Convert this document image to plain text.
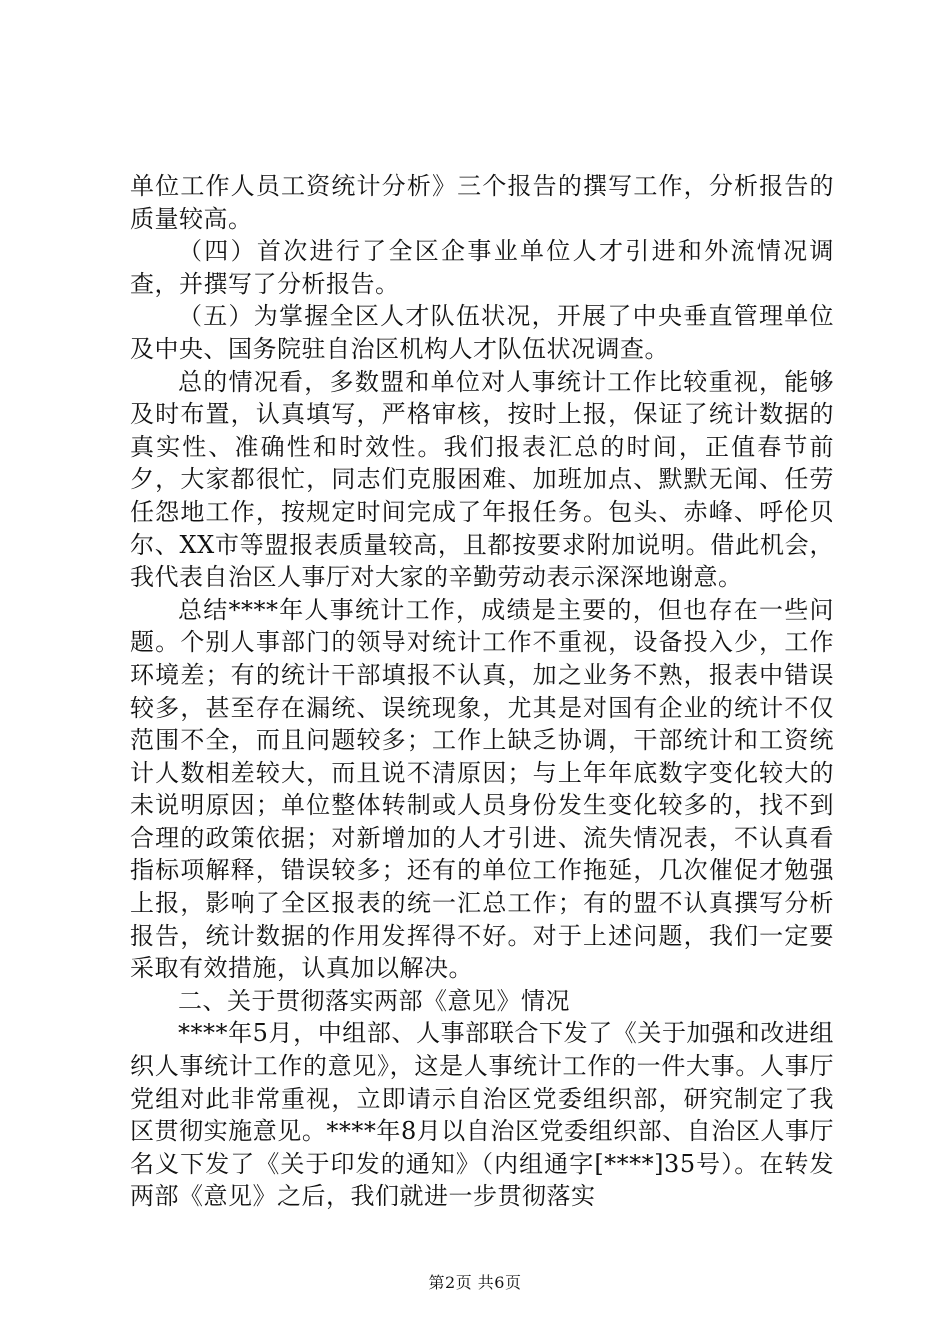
单位工作人员工资统计分析》三个报告的撰写工作，分析报告的质量较高。

（四）首次进行了全区企事业单位人才引进和外流情况调查，并撰写了分析报告。

（五）为掌握全区人才队伍状况，开展了中央垂直管理单位及中央、国务院驻自治区机构人才队伍状况调查。

总的情况看，多数盟和单位对人事统计工作比较重视，能够及时布置，认真填写，严格审核，按时上报，保证了统计数据的真实性、准确性和时效性。我们报表汇总的时间，正值春节前夕，大家都很忙，同志们克服困难、加班加点、默默无闻、任劳任怨地工作，按规定时间完成了年报任务。包头、赤峰、呼伦贝尔、XX市等盟报表质量较高，且都按要求附加说明。借此机会，我代表自治区人事厅对大家的辛勤劳动表示深深地谢意。

总结****年人事统计工作，成绩是主要的，但也存在一些问题。个别人事部门的领导对统计工作不重视，设备投入少，工作环境差；有的统计干部填报不认真，加之业务不熟，报表中错误较多，甚至存在漏统、误统现象，尤其是对国有企业的统计不仅范围不全，而且问题较多；工作上缺乏协调，干部统计和工资统计人数相差较大，而且说不清原因；与上年年底数字变化较大的未说明原因；单位整体转制或人员身份发生变化较多的，找不到合理的政策依据；对新增加的人才引进、流失情况表，不认真看指标项解释，错误较多；还有的单位工作拖延，几次催促才勉强上报，影响了全区报表的统一汇总工作；有的盟不认真撰写分析报告，统计数据的作用发挥得不好。对于上述问题，我们一定要采取有效措施，认真加以解决。

二、关于贯彻落实两部《意见》情况

****年5月，中组部、人事部联合下发了《关于加强和改进组织人事统计工作的意见》，这是人事统计工作的一件大事。人事厅党组对此非常重视，立即请示自治区党委组织部，研究制定了我区贯彻实施意见。****年8月以自治区党委组织部、自治区人事厅名义下发了《关于印发的通知》（内组通字[****]35号）。在转发两部《意见》之后，我们就进一步贯彻落实

第2页 共6页
